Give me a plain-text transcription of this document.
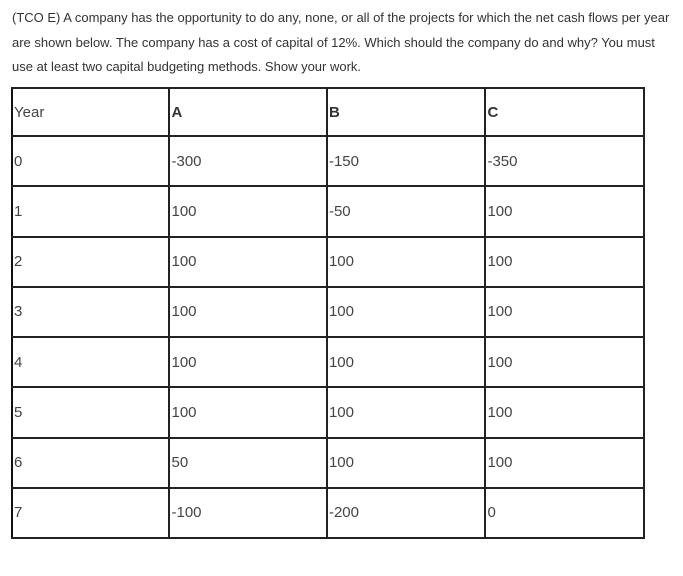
(TCO E) A company has the opportunity to do any, none, or all of the projects for which the net cash flows per year are shown below. The company has a cost of capital of 12%. Which should the company do and why? You must use at least two capital budgeting methods. Show your work.

Year	A	B	C
0	-300	-150	-350
1	100	-50	100
2	100	100	100
3	100	100	100
4	100	100	100
5	100	100	100
6	50	100	100
7	-100	-200	0
